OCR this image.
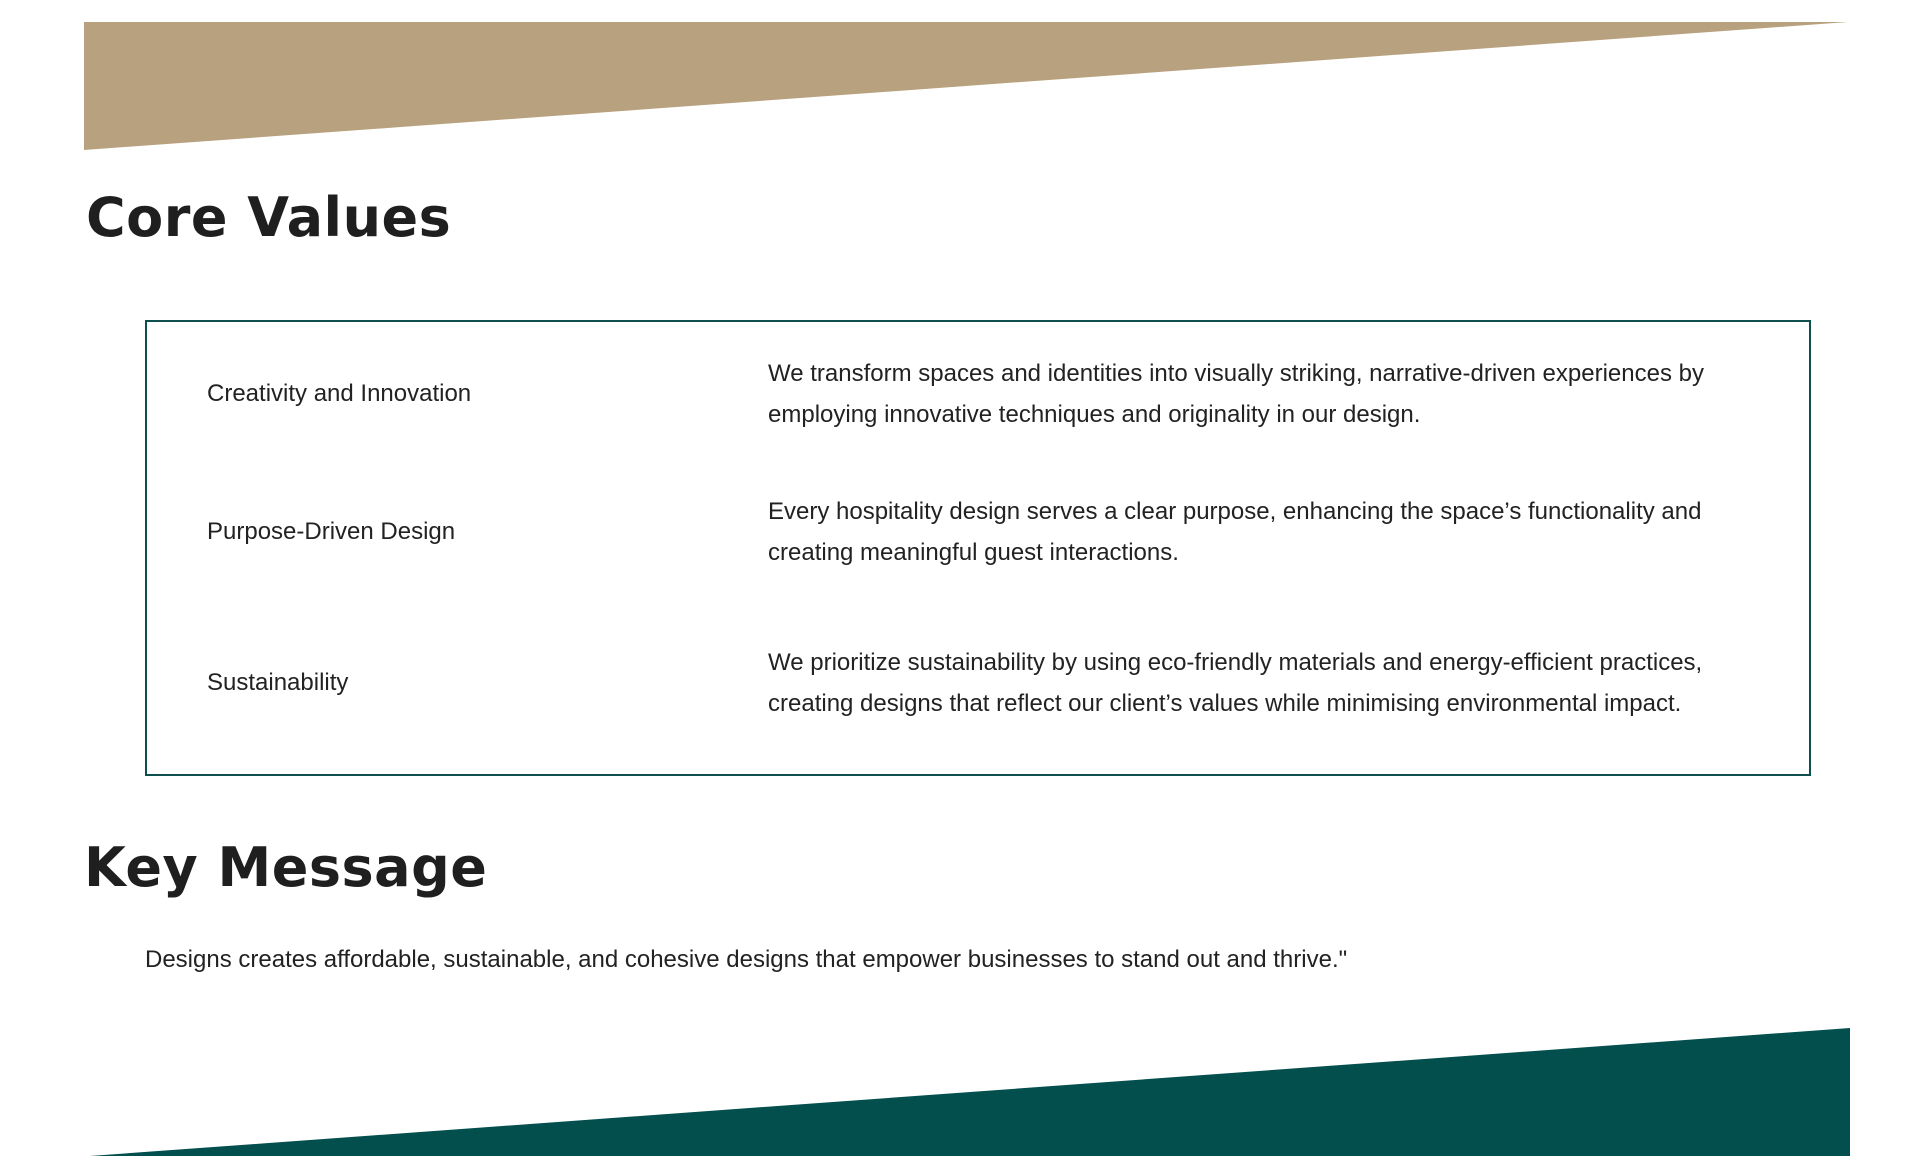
Core Values
Creativity and Innovation
We transform spaces and identities into visually striking, narrative-driven experiences by employing innovative techniques and originality in our design.
Purpose-Driven Design
Every hospitality design serves a clear purpose, enhancing the space’s functionality and creating meaningful guest interactions.
Sustainability
We prioritize sustainability by using eco-friendly materials and energy-efficient practices, creating designs that reflect our client’s values while minimising environmental impact.
Key Message

Designs creates affordable, sustainable, and cohesive designs that empower businesses to stand out and thrive."
